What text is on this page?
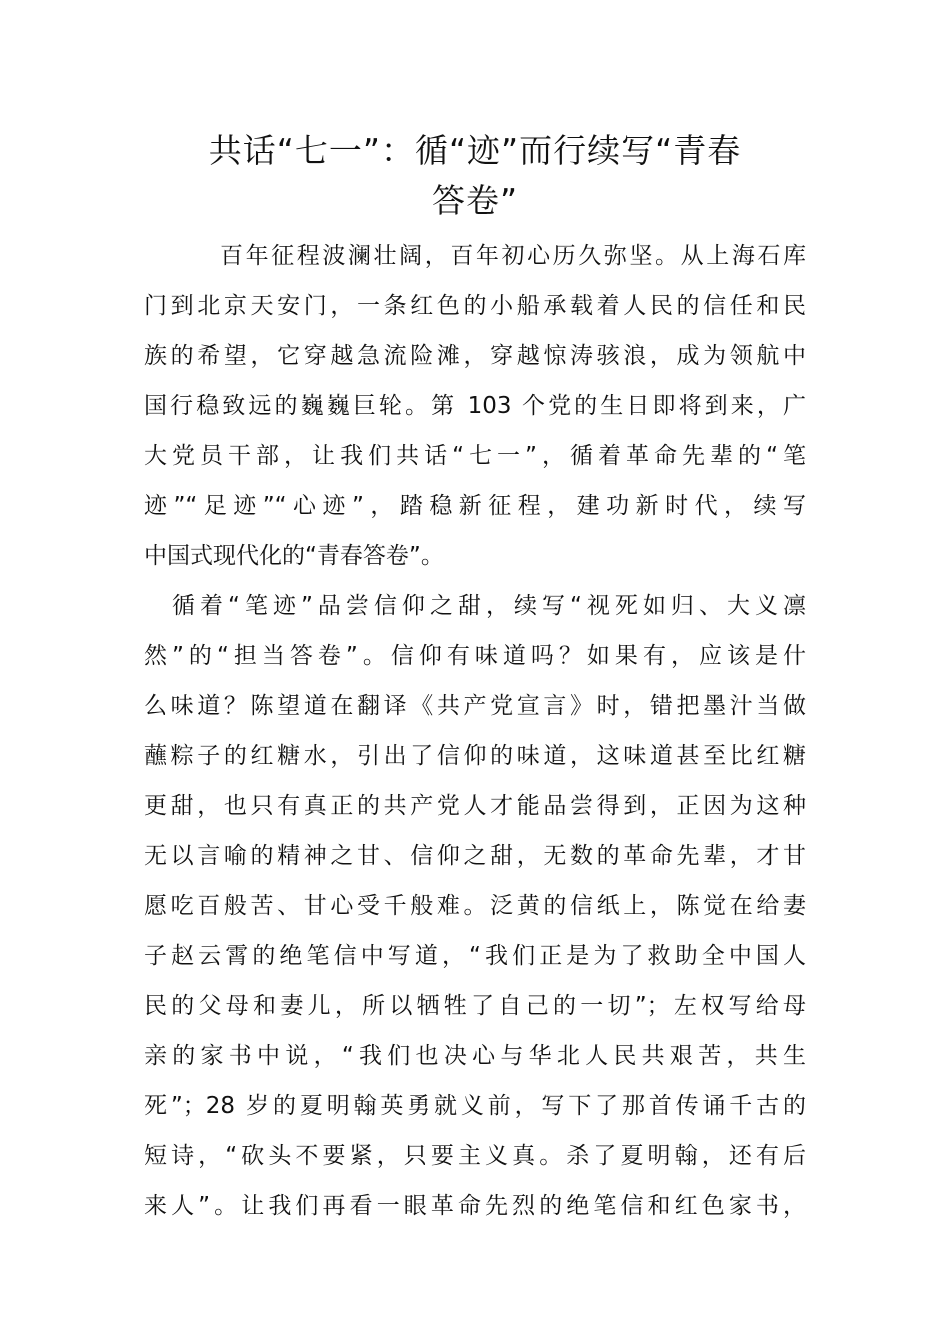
共话“七一”：循“迹”而行续写“青春
答卷”
百年征程波澜壮阔，百年初心历久弥坚。从上海石库
门到北京天安门，一条红色的小船承载着人民的信任和民
族的希望，它穿越急流险滩，穿越惊涛骇浪，成为领航中
国行稳致远的巍巍巨轮。第 103 个党的生日即将到来，广
大党员干部，让我们共话“七一”，循着革命先辈的“笔
迹”“足迹”“心迹”，踏稳新征程，建功新时代，续写
中国式现代化的“青春答卷”。
循着“笔迹”品尝信仰之甜，续写“视死如归、大义凛
然”的“担当答卷”。信仰有味道吗？如果有，应该是什
么味道？陈望道在翻译《共产党宣言》时，错把墨汁当做
蘸粽子的红糖水，引出了信仰的味道，这味道甚至比红糖
更甜，也只有真正的共产党人才能品尝得到，正因为这种
无以言喻的精神之甘、信仰之甜，无数的革命先辈，才甘
愿吃百般苦、甘心受千般难。泛黄的信纸上，陈觉在给妻
子赵云霄的绝笔信中写道，“我们正是为了救助全中国人
民的父母和妻儿，所以牺牲了自己的一切”；左权写给母
亲的家书中说，“我们也决心与华北人民共艰苦，共生
死”；28 岁的夏明翰英勇就义前，写下了那首传诵千古的
短诗，“砍头不要紧，只要主义真。杀了夏明翰，还有后
来人”。让我们再看一眼革命先烈的绝笔信和红色家书，
